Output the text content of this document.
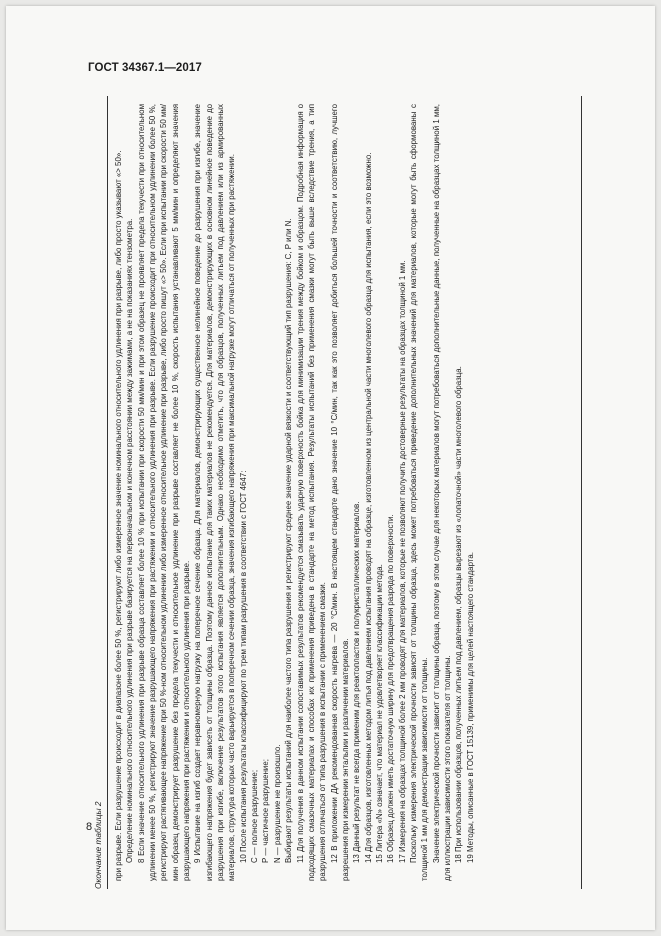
ГОСТ 34367.1—2017
Окончание таблицы 2 при разрыве. Если разрушение происходит в диапазоне более 50 %, регистрируют либо измеренное значение номинального относительного удлинения при разрыве, либо просто указывают «> 50». Определение номинального относительного удлинения при разрыве базируется на первоначальном и конечном расстоянии между зажимами, а не на показаниях тензометра. 8 Если значение относительного удлинения при разрыве образца составляет более 10 % при испытании при скорости 50 мм/мин и при этом образец не проявляет предела текучести при относительном удлинении менее 50 %, регистрируют значение разрушающего напряжения при растяжении и относительного удлинения при разрыве. Если разрушение происходит при относительном удлинении более 50 %, регистрируют растягивающее напряжение при 50 %-ном относительном удлинении либо измеренное относительное удлинение при разрыве, либо просто пишут «> 50». Если при испытании при скорости 50 мм/мин образец демонстрирует разрушение без предела текучести и относительное удлинение при разрыве составляет не более 10 %, скорость испытания устанавливают 5 мм/мин и определяют значения разрушающего напряжения при растяжении и относительного удлинения при разрыве. 9 Испытание на изгиб создает неравномерную нагрузку на поперечное сечение образца. Для материалов, демонстрирующих существенное нелинейное поведение до разрушения при изгибе, значение изгибающего напряжения будет зависеть от толщины образца. Поэтому данное испытание для таких материалов не рекомендуется. Для материалов, демонстрирующих в основном линейное поведение до разрушения при изгибе, включение результатов этого испытания является дополнительным. Однако необходимо отметить, что для образцов, полученных литьем под давлением или из армированных материалов, структура которых часто варьируется в поперечном сечении образца, значения изгибающего напряжения при максимальной нагрузке могут отличаться от полученных при растяжении. 10 После испытания результаты классифицируют по трем типам разрушения в соответствии с ГОСТ 4647: C — полное разрушение; P — частичное разрушение; N — разрушение не произошло. Выбирают результаты испытаний для наиболее частого типа разрушения и регистрируют среднее значение ударной вязкости и соответствующий тип разрушения: C, P или N. 11 Для получения в данном испытании сопоставимых результатов рекомендуется смазывать ударную поверхность бойка для минимизации трения между бойком и образцом. Подробная информация о подходящих смазочных материалах и способах их применения приведена в стандарте на метод испытания. Результаты испытаний без применения смазки могут быть выше вследствие трения, а тип разрушения отличаться от типа разрушения в испытании с применением смазки. 12 В приложении ДА рекомендованная скорость нагрева — 20 °С/мин. В настоящем стандарте дано значение 10 °С/мин, так как это позволяет добиться большей точности и соответствию, лучшего разрешения при измерении энтальпии и различении материалов. 13 Данный результат не всегда применим для реактопластов и полукристаллических материалов. 14 Для образцов, изготовленных методом литья под давлением испытания проводят на образце, изготовленном из центральной части многолевого образца для испытания, если это возможно. 15 Литера «N» означает, что материал не удовлетворяет классификации метода. 16 Образец должен иметь достаточную ширину для предотвращения разряда по поверхности. 17 Измерения на образцах толщиной более 2 мм проводят для материалов, которые не позволяют получить достоверные результаты на образцах толщиной 1 мм. Поскольку измерения электрической прочности зависят от толщины образца, здесь может потребоваться приведение дополнительных значений для материалов, которые могут быть сформованы с толщиной 1 мм для демонстрации зависимости от толщины. Значение электрической прочности зависит от толщины образца, поэтому в этом случае для некоторых материалов могут потребоваться дополнительные данные, полученные на образцах толщиной 1 мм, для иллюстрации зависимости этого показателя от толщины. 18 При использовании образцов, полученных литьем под давлением, образцы вырезают из «лопаточной» части многолевого образца. 19 Методы, описанные в ГОСТ 15139, применимы для целей настоящего стандарта.

8
